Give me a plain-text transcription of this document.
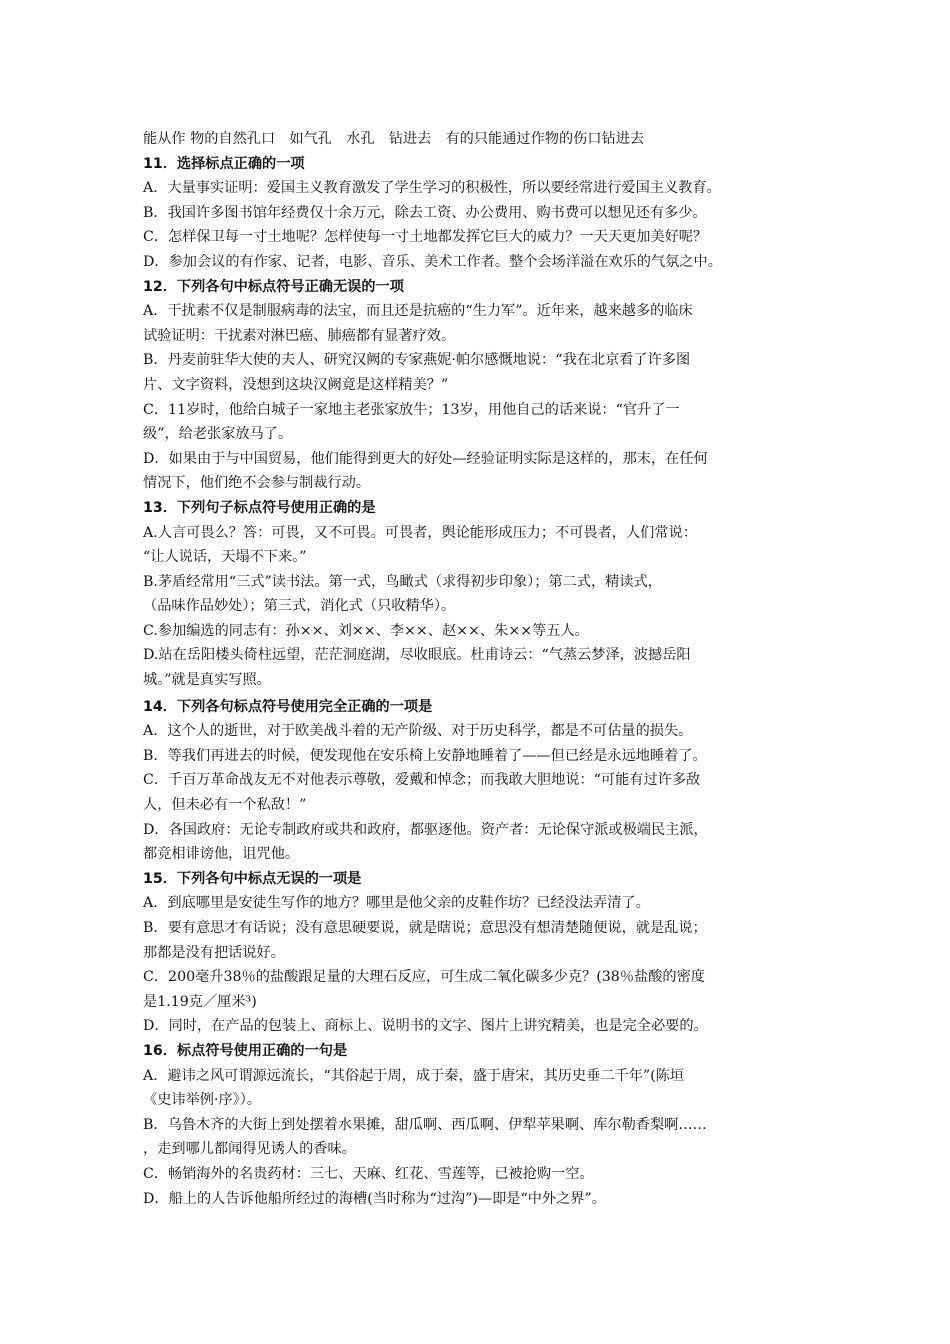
能从作 物的自然孔口　如气孔　水孔　钻进去　有的只能通过作物的伤口钻进去
11．选择标点正确的一项
A．大量事实证明：爱国主义教育激发了学生学习的积极性，所以要经常进行爱国主义教育。
B．我国许多图书馆年经费仅十余万元，除去工资、办公费用、购书费可以想见还有多少。
C．怎样保卫每一寸土地呢？怎样使每一寸土地都发挥它巨大的威力？一天天更加美好呢？
D．参加会议的有作家、记者，电影、音乐、美术工作者。整个会场洋溢在欢乐的气氛之中。
12．下列各句中标点符号正确无误的一项
A．干扰素不仅是制服病毒的法宝，而且还是抗癌的“生力军”。近年来，越来越多的临床
试验证明：干扰素对淋巴癌、肺癌都有显著疗效。
B．丹麦前驻华大使的夫人、研究汉阙的专家燕妮·帕尔感慨地说：“我在北京看了许多图
片、文字资料，没想到这块汉阙竟是这样精美？”
C．11岁时，他给白城子一家地主老张家放牛；13岁，用他自己的话来说：“官升了一
级”，给老张家放马了。
D．如果由于与中国贸易，他们能得到更大的好处—经验证明实际是这样的，那末，在任何
情况下，他们绝不会参与制裁行动。
13．下列句子标点符号使用正确的是
A.人言可畏么？答：可畏，又不可畏。可畏者，舆论能形成压力；不可畏者，人们常说：
“让人说话，天塌不下来。”
B.茅盾经常用“三式”读书法。第一式，鸟瞰式（求得初步印象）；第二式，精读式，
（品味作品妙处）；第三式，消化式（只收精华）。
C.参加编选的同志有：孙××、刘××、李××、赵××、朱××等五人。
D.站在岳阳楼头倚柱远望，茫茫洞庭湖，尽收眼底。杜甫诗云：“气蒸云梦泽，波撼岳阳
城。”就是真实写照。
14．下列各句标点符号使用完全正确的一项是
A．这个人的逝世，对于欧美战斗着的无产阶级、对于历史科学，都是不可估量的损失。
B．等我们再进去的时候，便发现他在安乐椅上安静地睡着了——但已经是永远地睡着了。
C．千百万革命战友无不对他表示尊敬，爱戴和悼念；而我敢大胆地说：“可能有过许多敌
人，但未必有一个私敌！”
D．各国政府：无论专制政府或共和政府，都驱逐他。资产者：无论保守派或极端民主派，
都竞相诽谤他，诅咒他。
15．下列各句中标点无误的一项是
A．到底哪里是安徒生写作的地方？哪里是他父亲的皮鞋作坊？已经没法弄清了。
B．要有意思才有话说；没有意思硬要说，就是瞎说；意思没有想清楚随便说，就是乱说；
那都是没有把话说好。
C．200毫升38％的盐酸跟足量的大理石反应，可生成二氧化碳多少克？(38％盐酸的密度
是1.19克／厘米³)
D．同时，在产品的包装上、商标上、说明书的文字、图片上讲究精美，也是完全必要的。
16．标点符号使用正确的一句是
A．避讳之风可谓源远流长，“其俗起于周，成于秦，盛于唐宋，其历史垂二千年”(陈垣
《史讳举例·序》）。
B．乌鲁木齐的大街上到处摆着水果摊，甜瓜啊、西瓜啊、伊犁苹果啊、库尔勒香梨啊……
，走到哪儿都闻得见诱人的香味。
C．畅销海外的名贵药材：三七、天麻、红花、雪莲等，已被抢购一空。
D．船上的人告诉他船所经过的海槽(当时称为“过沟”)—即是“中外之界”。
